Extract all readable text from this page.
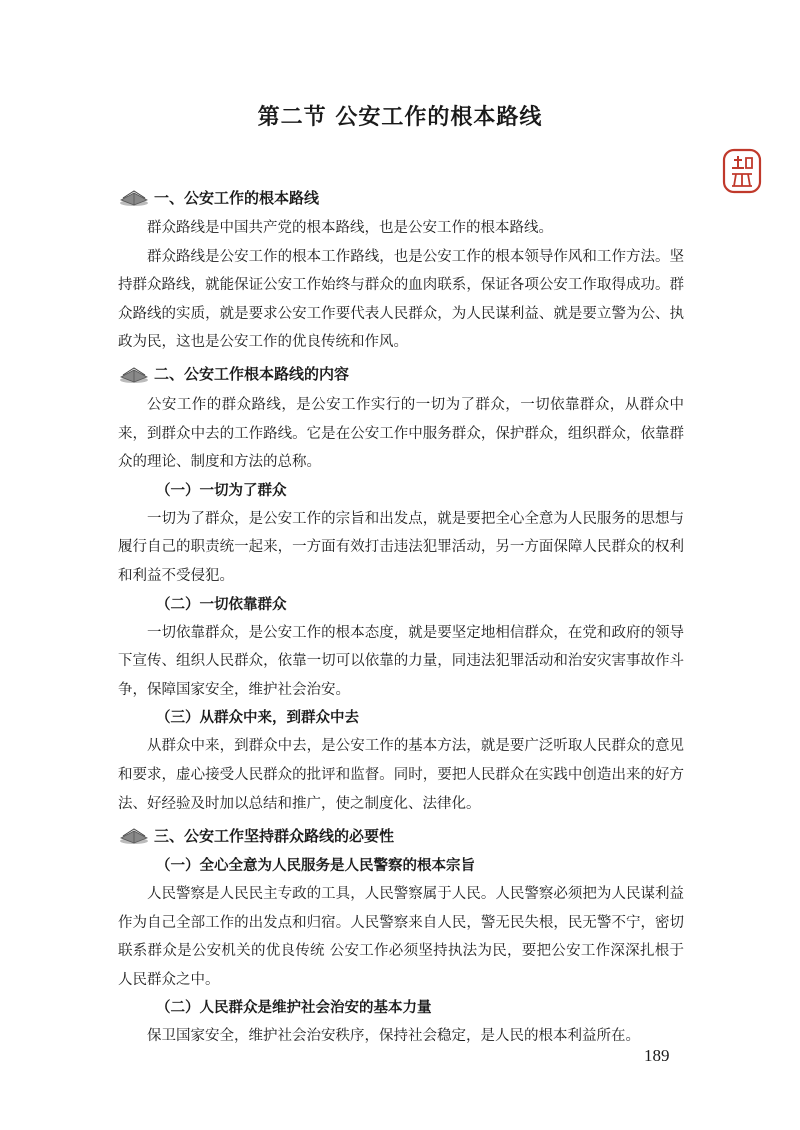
第二节 公安工作的根本路线
一、公安工作的根本路线

群众路线是中国共产党的根本路线，也是公安工作的根本路线。

群众路线是公安工作的根本工作路线，也是公安工作的根本领导作风和工作方法。坚持群众路线，就能保证公安工作始终与群众的血肉联系，保证各项公安工作取得成功。群众路线的实质，就是要求公安工作要代表人民群众，为人民谋利益、就是要立警为公、执政为民，这也是公安工作的优良传统和作风。

二、公安工作根本路线的内容

公安工作的群众路线，是公安工作实行的一切为了群众，一切依靠群众，从群众中来，到群众中去的工作路线。它是在公安工作中服务群众，保护群众，组织群众，依靠群众的理论、制度和方法的总称。

（一）一切为了群众

一切为了群众，是公安工作的宗旨和出发点，就是要把全心全意为人民服务的思想与履行自己的职责统一起来，一方面有效打击违法犯罪活动，另一方面保障人民群众的权利和利益不受侵犯。

（二）一切依靠群众

一切依靠群众，是公安工作的根本态度，就是要坚定地相信群众，在党和政府的领导下宣传、组织人民群众，依靠一切可以依靠的力量，同违法犯罪活动和治安灾害事故作斗争，保障国家安全，维护社会治安。

（三）从群众中来，到群众中去

从群众中来，到群众中去，是公安工作的基本方法，就是要广泛听取人民群众的意见和要求，虚心接受人民群众的批评和监督。同时，要把人民群众在实践中创造出来的好方法、好经验及时加以总结和推广，使之制度化、法律化。

三、公安工作坚持群众路线的必要性
（一）全心全意为人民服务是人民警察的根本宗旨

人民警察是人民民主专政的工具，人民警察属于人民。人民警察必须把为人民谋利益作为自己全部工作的出发点和归宿。人民警察来自人民，警无民失根，民无警不宁，密切联系群众是公安机关的优良传统 公安工作必须坚持执法为民，要把公安工作深深扎根于人民群众之中。

（二）人民群众是维护社会治安的基本力量

保卫国家安全，维护社会治安秩序，保持社会稳定，是人民的根本利益所在。

189
